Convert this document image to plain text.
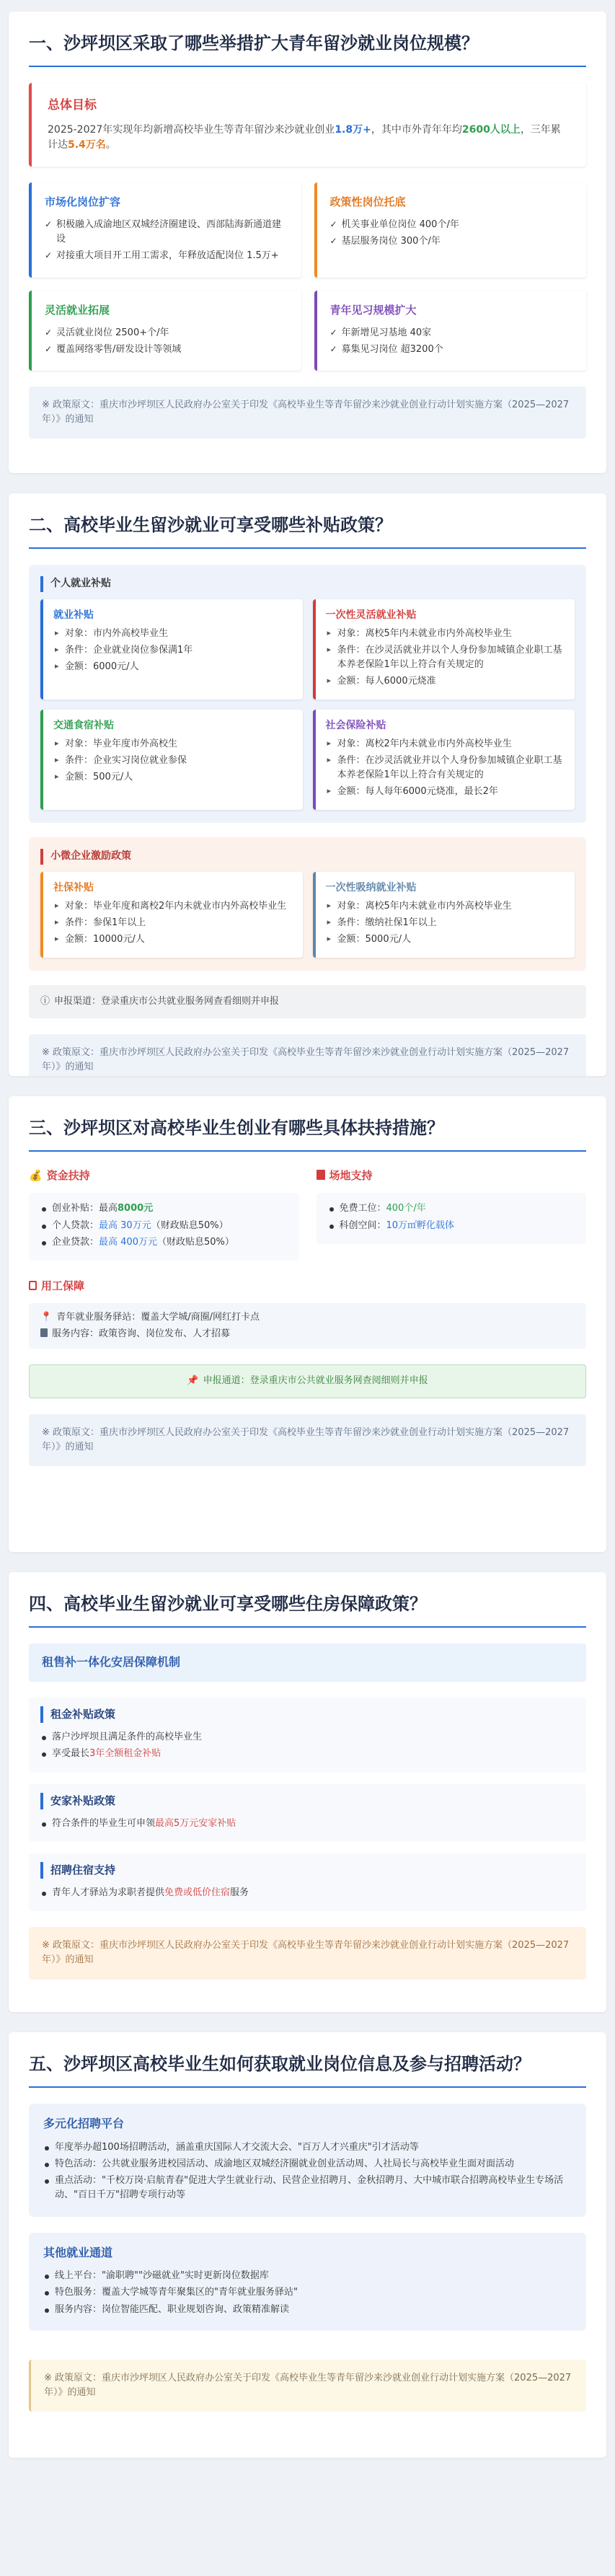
一、沙坪坝区采取了哪些举措扩大青年留沙就业岗位规模？
总体目标
2025-2027年实现年均新增高校毕业生等青年留沙来沙就业创业1.8万+，其中市外青年年均2600人以上，三年累计达5.4万名。
市场化岗位扩容
✓ 积极融入成渝地区双城经济圈建设、西部陆海新通道建设
✓ 对接重大项目开工用工需求，年释放适配岗位 1.5万+
政策性岗位托底
✓ 机关事业单位岗位 400个/年
✓ 基层服务岗位 300个/年
灵活就业拓展
✓ 灵活就业岗位 2500+个/年
✓ 覆盖网络零售/研发设计等领域
青年见习规模扩大
✓ 年新增见习基地 40家
✓ 募集见习岗位 超3200个
※ 政策原文：重庆市沙坪坝区人民政府办公室关于印发《高校毕业生等青年留沙来沙就业创业行动计划实施方案（2025—2027年）》的通知
二、高校毕业生留沙就业可享受哪些补贴政策？
个人就业补贴
就业补贴
▸ 对象：市内外高校毕业生
▸ 条件：企业就业岗位参保满1年
▸ 金额：6000元/人
一次性灵活就业补贴
▸ 对象：离校5年内未就业市内外高校毕业生
▸ 条件：在沙灵活就业并以个人身份参加城镇企业职工基本养老保险1年以上符合有关规定的
▸ 金额：每人6000元烧准
交通食宿补贴
▸ 对象：毕业年度市外高校生
▸ 条件：企业实习岗位就业参保
▸ 金额：500元/人
社会保险补贴
▸ 对象：离校2年内未就业市内外高校毕业生
▸ 条件：在沙灵活就业并以个人身份参加城镇企业职工基本养老保险1年以上符合有关规定的
▸ 金额：每人每年6000元烧准，最长2年
小微企业激励政策
社保补贴
▸ 对象：毕业年度和离校2年内未就业市内外高校毕业生
▸ 条件：参保1年以上
▸ 金额：10000元/人
一次性吸纳就业补贴
▸ 对象：离校5年内未就业市内外高校毕业生
▸ 条件：缴纳社保1年以上
▸ 金额：5000元/人
ⓘ 申报渠道：登录重庆市公共就业服务网查看细则并申报
※ 政策原文：重庆市沙坪坝区人民政府办公室关于印发《高校毕业生等青年留沙来沙就业创业行动计划实施方案（2025—2027年）》的通知
三、沙坪坝区对高校毕业生创业有哪些具体扶持措施？
💰 资金扶持
创业补贴：最高8000元
个人贷款：最高 30万元（财政贴息50%）
企业贷款：最高 400万元（财政贴息50%）
场地支持
免费工位：400个/年
科创空间：10万㎡孵化载体
用工保障
📍 青年就业服务驿站：覆盖大学城/商圈/网红打卡点
服务内容：政策咨询、岗位发布、人才招募
📌 申报通道：登录重庆市公共就业服务网查阅细则并申报
※ 政策原文：重庆市沙坪坝区人民政府办公室关于印发《高校毕业生等青年留沙来沙就业创业行动计划实施方案（2025—2027年）》的通知
四、高校毕业生留沙就业可享受哪些住房保障政策？
租售补一体化安居保障机制
租金补贴政策
落户沙坪坝且满足条件的高校毕业生
享受最长3年全额租金补贴
安家补贴政策
符合条件的毕业生可申领最高5万元安家补贴
招聘住宿支持
青年人才驿站为求职者提供免费或低价住宿服务
※ 政策原文：重庆市沙坪坝区人民政府办公室关于印发《高校毕业生等青年留沙来沙就业创业行动计划实施方案（2025—2027年）》的通知
五、沙坪坝区高校毕业生如何获取就业岗位信息及参与招聘活动？
多元化招聘平台
年度举办超100场招聘活动，涵盖重庆国际人才交流大会、"百万人才兴重庆"引才活动等
特色活动：公共就业服务进校园活动、成渝地区双城经济圈就业创业活动周、人社局长与高校毕业生面对面活动
重点活动："千校万岗·启航青春"促进大学生就业行动、民营企业招聘月、金秋招聘月、大中城市联合招聘高校毕业生专场活动、"百日千万"招聘专项行动等
其他就业通道
线上平台："渝职聘""沙磁就业"实时更新岗位数据库
特色服务：覆盖大学城等青年聚集区的"青年就业服务驿站"
服务内容：岗位智能匹配、职业规划咨询、政策精准解读
※ 政策原文：重庆市沙坪坝区人民政府办公室关于印发《高校毕业生等青年留沙来沙就业创业行动计划实施方案（2025—2027年）》的通知
